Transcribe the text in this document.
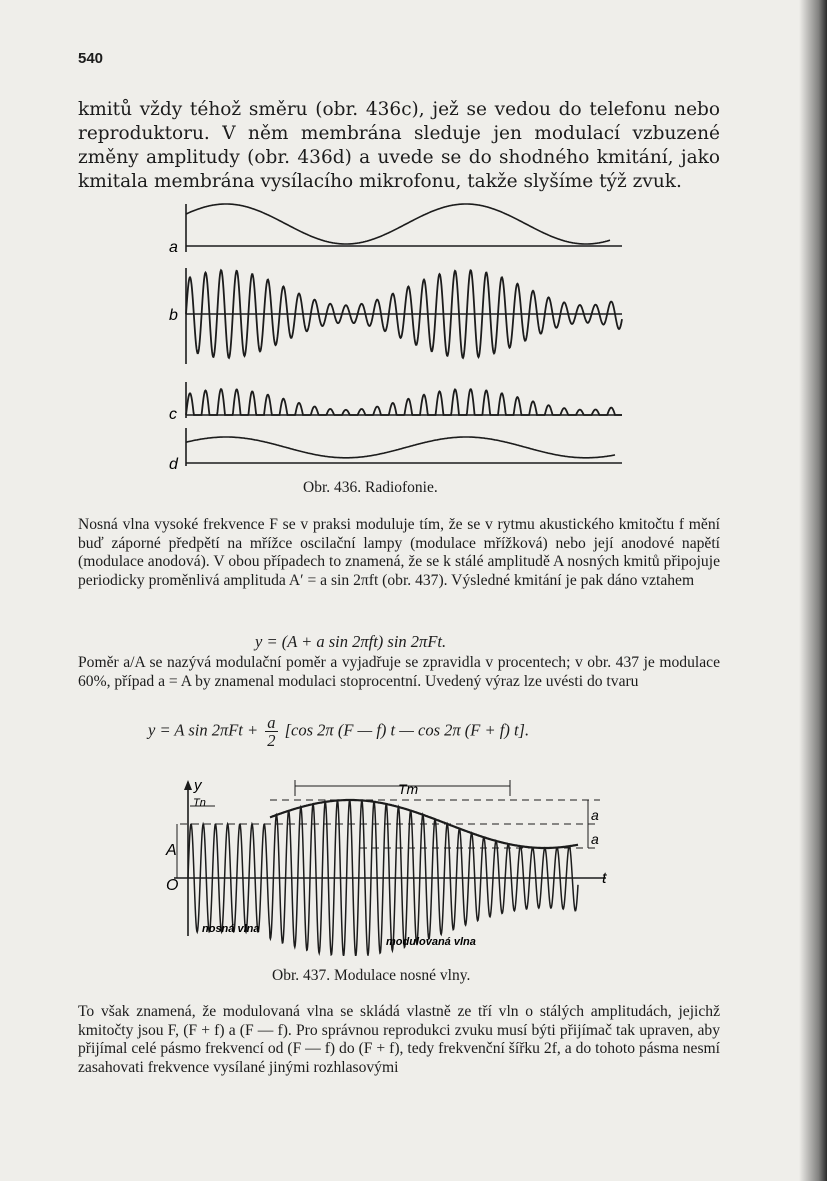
540

kmitů vždy téhož směru (obr. 436c), jež se vedou do telefonu nebo reproduktoru. V něm membrána sleduje jen modulací vzbuzené změny amplitudy (obr. 436d) a uvede se do shodného kmitání, jako kmitala membrána vysílacího mikrofonu, takže slyšíme týž zvuk.

a
b
c
d
Obr. 436. Radiofonie.

Nosná vlna vysoké frekvence F se v praksi moduluje tím, že se v rytmu akustického kmitočtu f mění buď záporné předpětí na mřížce oscilační lampy (modulace mřížková) nebo její anodové napětí (modulace anodová). V obou případech to znamená, že se k stálé amplitudě A nosných kmitů připojuje periodicky proměnlivá amplituda A′ = a sin 2πft (obr. 437). Výsledné kmitání je pak dáno vztahem

y = (A + a sin 2πft) sin 2πFt.

Poměr a/A se nazývá modulační poměr a vyjadřuje se zpravidla v procentech; v obr. 437 je modulace 60%, případ a = A by znamenal modulaci stoprocentní. Uvedený výraz lze uvésti do tvaru

y = A $\sin 2\pi Ft + \frac{a}{2} [\cos$ 2π (F — f) t — cos 2π (F + f) t].
y
Tn
Tm
A
O	t
a
a
nosná vlna
modulovaná vlna
Obr. 437. Modulace nosné vlny.

To však znamená, že modulovaná vlna se skládá vlastně ze tří vln o stálých amplitudách, jejichž kmitočty jsou F, (F + f) a (F — f). Pro správnou reprodukci zvuku musí býti přijímač tak upraven, aby přijímal celé pásmo frekvencí od (F — f) do (F + f), tedy frekvenční šířku 2f, a do tohoto pásma nesmí zasahovati frekvence vysílané jinými rozhlasovými
